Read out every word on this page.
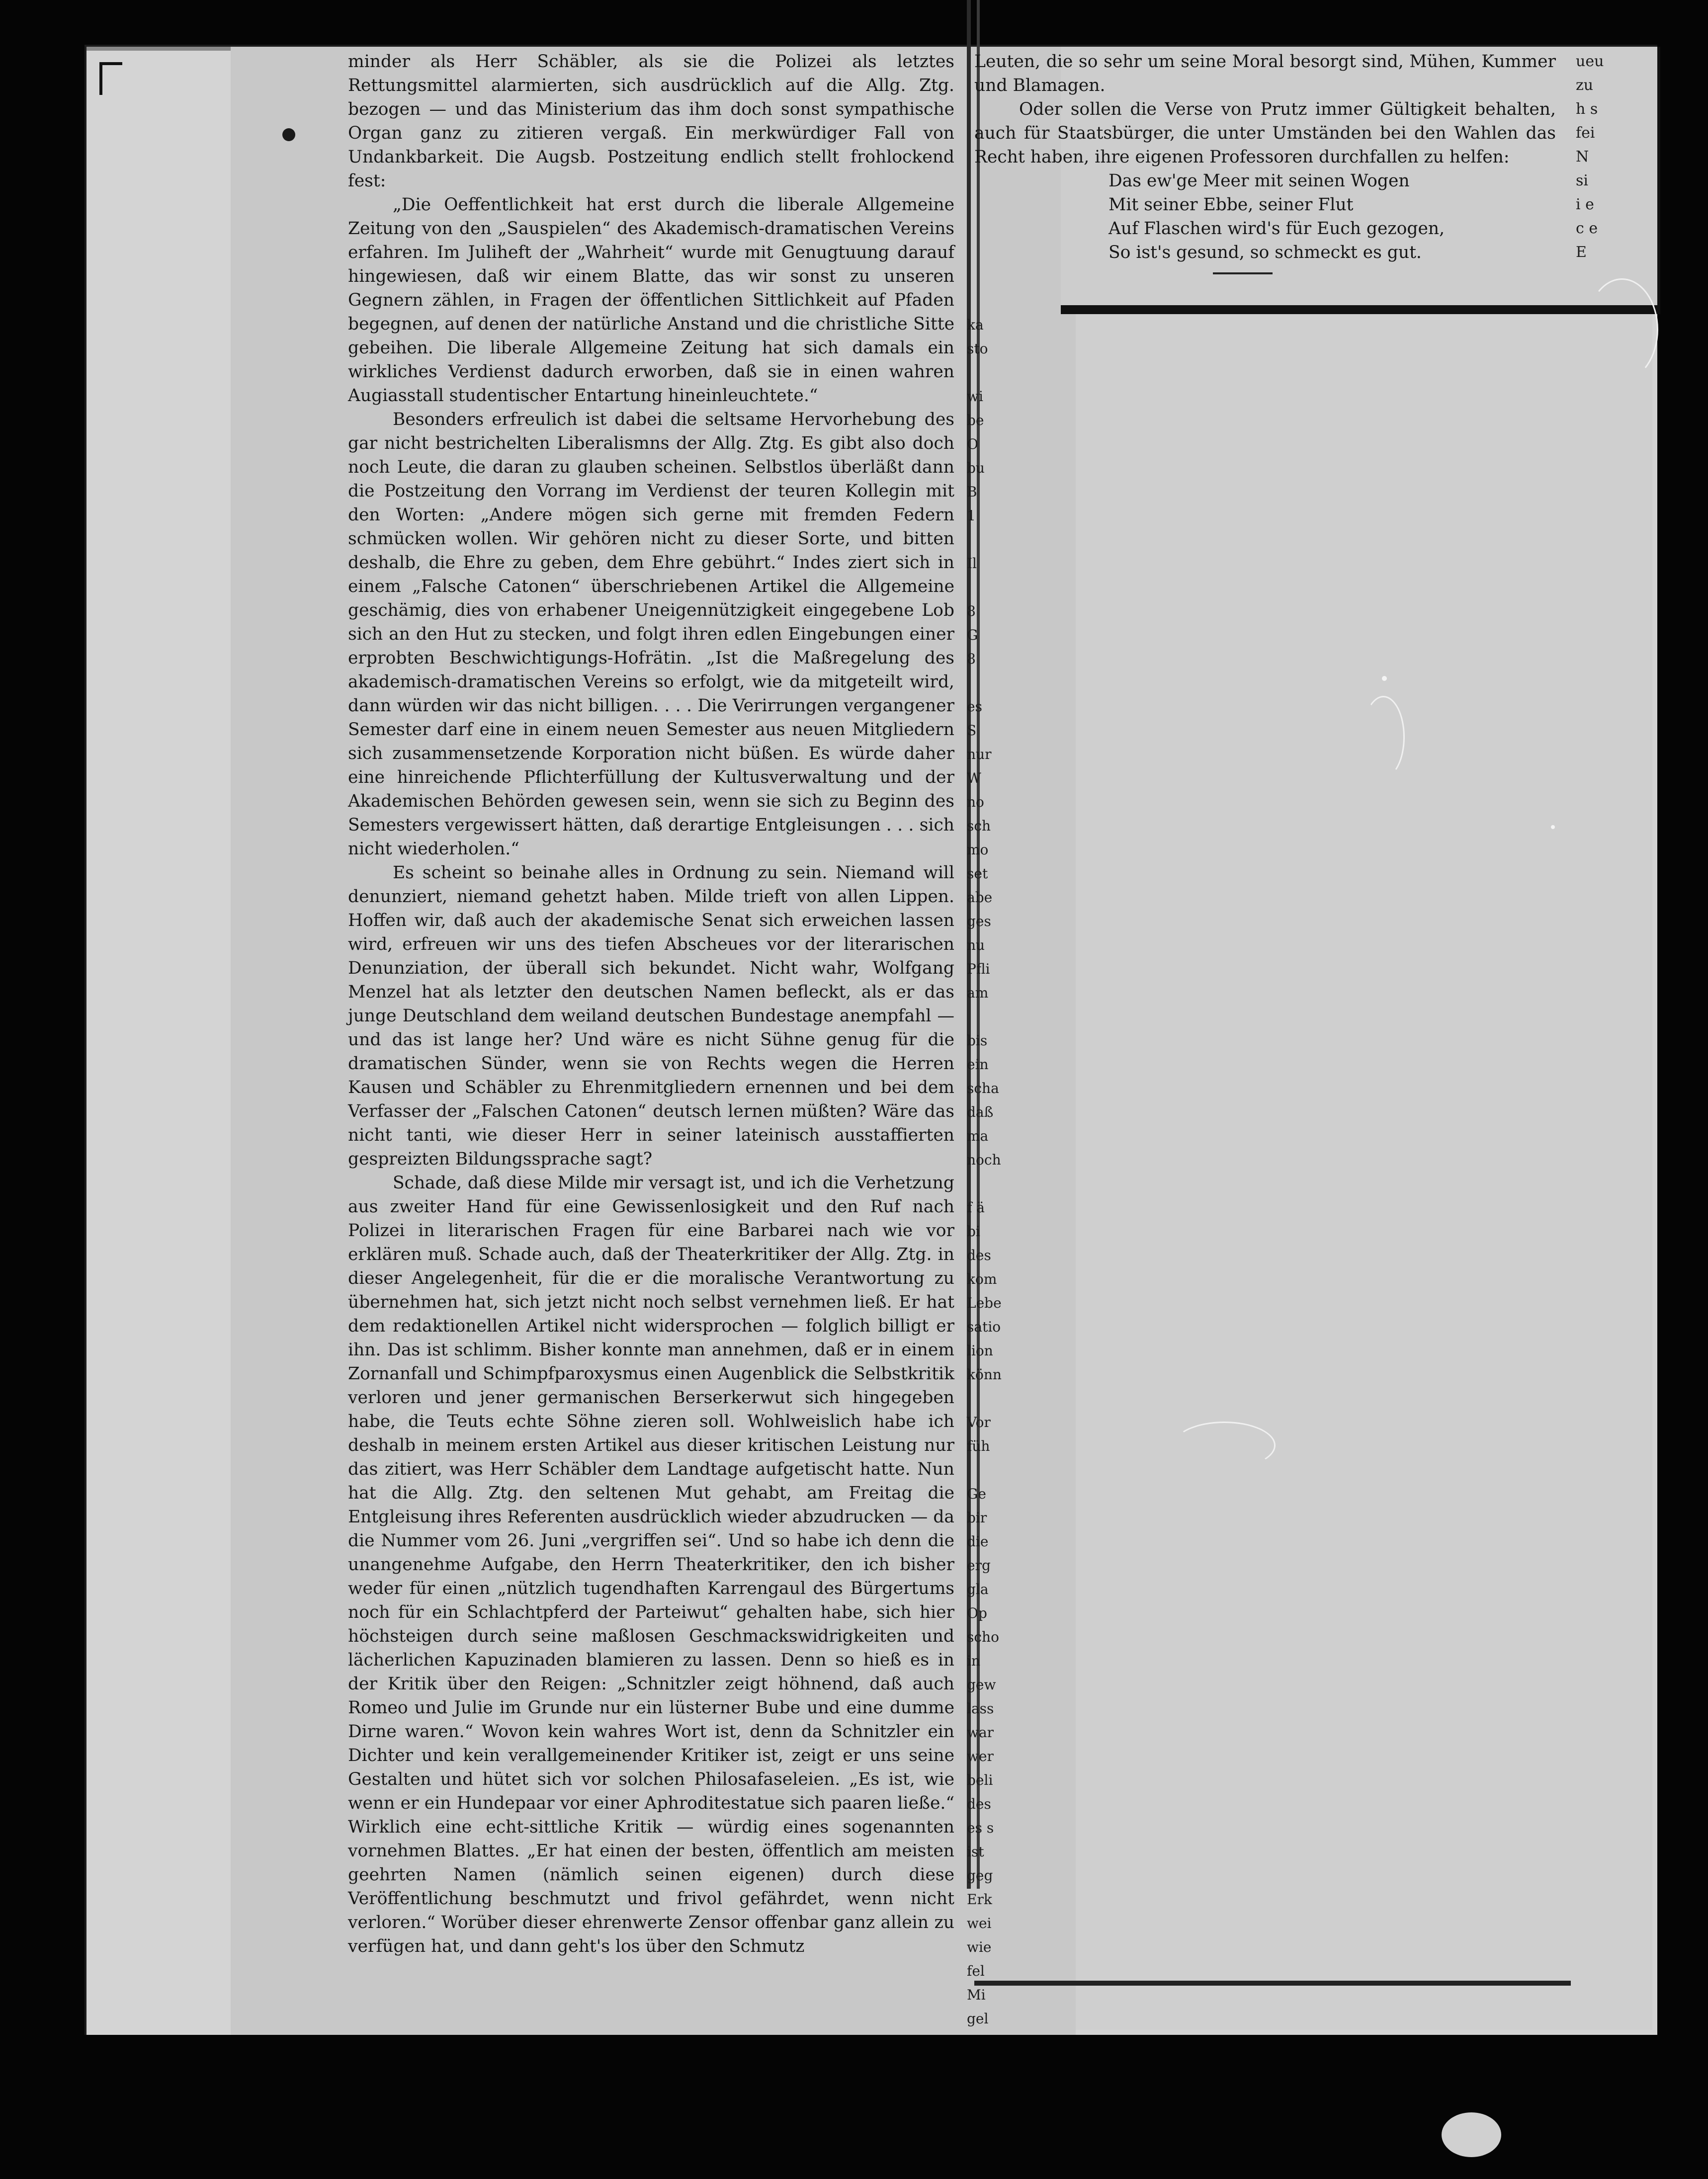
minder als Herr Schäbler, als sie die Polizei als letztes Rettungsmittel alarmierten, sich ausdrücklich auf die Allg. Ztg. bezogen — und das Ministerium das ihm doch sonst sympathische Organ ganz zu zitieren vergaß. Ein merkwürdiger Fall von Undankbarkeit. Die Augsb. Postzeitung endlich stellt frohlockend fest:

„Die Oeffentlichkeit hat erst durch die liberale Allgemeine Zeitung von den „Sauspielen“ des Akademisch-dramatischen Vereins erfahren. Im Juliheft der „Wahrheit“ wurde mit Genugtuung darauf hingewiesen, daß wir einem Blatte, das wir sonst zu unseren Gegnern zählen, in Fragen der öffentlichen Sittlichkeit auf Pfaden begegnen, auf denen der natürliche Anstand und die christliche Sitte gebeihen. Die liberale Allgemeine Zeitung hat sich damals ein wirkliches Verdienst dadurch erworben, daß sie in einen wahren Augiasstall studentischer Entartung hineinleuchtete.“

Besonders erfreulich ist dabei die seltsame Hervorhebung des gar nicht bestrichelten Liberalismns der Allg. Ztg. Es gibt also doch noch Leute, die daran zu glauben scheinen. Selbstlos überläßt dann die Postzeitung den Vorrang im Verdienst der teuren Kollegin mit den Worten: „Andere mögen sich gerne mit fremden Federn schmücken wollen. Wir gehören nicht zu dieser Sorte, und bitten deshalb, die Ehre zu geben, dem Ehre gebührt.“ Indes ziert sich in einem „Falsche Catonen“ überschriebenen Artikel die Allgemeine geschämig, dies von erhabener Uneigennützigkeit eingegebene Lob sich an den Hut zu stecken, und folgt ihren edlen Eingebungen einer erprobten Beschwichtigungs-Hofrätin. „Ist die Maßregelung des akademisch-dramatischen Vereins so erfolgt, wie da mitgeteilt wird, dann würden wir das nicht billigen. . . . Die Verirrungen vergangener Semester darf eine in einem neuen Semester aus neuen Mitgliedern sich zusammensetzende Korporation nicht büßen. Es würde daher eine hinreichende Pflichterfüllung der Kultusverwaltung und der Akademischen Behörden gewesen sein, wenn sie sich zu Beginn des Semesters vergewissert hätten, daß derartige Entgleisungen . . . sich nicht wiederholen.“

Es scheint so beinahe alles in Ordnung zu sein. Niemand will denunziert, niemand gehetzt haben. Milde trieft von allen Lippen. Hoffen wir, daß auch der akademische Senat sich erweichen lassen wird, erfreuen wir uns des tiefen Abscheues vor der literarischen Denunziation, der überall sich bekundet. Nicht wahr, Wolfgang Menzel hat als letzter den deutschen Namen befleckt, als er das junge Deutschland dem weiland deutschen Bundestage anempfahl — und das ist lange her? Und wäre es nicht Sühne genug für die dramatischen Sünder, wenn sie von Rechts wegen die Herren Kausen und Schäbler zu Ehrenmitgliedern ernennen und bei dem Verfasser der „Falschen Catonen“ deutsch lernen müßten? Wäre das nicht tanti, wie dieser Herr in seiner lateinisch ausstaffierten gespreizten Bildungssprache sagt?

Schade, daß diese Milde mir versagt ist, und ich die Verhetzung aus zweiter Hand für eine Gewissenlosigkeit und den Ruf nach Polizei in literarischen Fragen für eine Barbarei nach wie vor erklären muß. Schade auch, daß der Theaterkritiker der Allg. Ztg. in dieser Angelegenheit, für die er die moralische Verantwortung zu übernehmen hat, sich jetzt nicht noch selbst vernehmen ließ. Er hat dem redaktionellen Artikel nicht widersprochen — folglich billigt er ihn. Das ist schlimm. Bisher konnte man annehmen, daß er in einem Zornanfall und Schimpfparoxysmus einen Augenblick die Selbstkritik verloren und jener germanischen Berserkerwut sich hingegeben habe, die Teuts echte Söhne zieren soll. Wohlweislich habe ich deshalb in meinem ersten Artikel aus dieser kritischen Leistung nur das zitiert, was Herr Schäbler dem Landtage aufgetischt hatte. Nun hat die Allg. Ztg. den seltenen Mut gehabt, am Freitag die Entgleisung ihres Referenten ausdrücklich wieder abzudrucken — da die Nummer vom 26. Juni „vergriffen sei“. Und so habe ich denn die unangenehme Aufgabe, den Herrn Theaterkritiker, den ich bisher weder für einen „nützlich tugendhaften Karrengaul des Bürgertums noch für ein Schlachtpferd der Parteiwut“ gehalten habe, sich hier höchsteigen durch seine maßlosen Geschmackswidrigkeiten und lächerlichen Kapuzinaden blamieren zu lassen. Denn so hieß es in der Kritik über den Reigen: „Schnitzler zeigt höhnend, daß auch Romeo und Julie im Grunde nur ein lüsterner Bube und eine dumme Dirne waren.“ Wovon kein wahres Wort ist, denn da Schnitzler ein Dichter und kein verallgemeinender Kritiker ist, zeigt er uns seine Gestalten und hütet sich vor solchen Philosafaseleien. „Es ist, wie wenn er ein Hundepaar vor einer Aphroditestatue sich paaren ließe.“ Wirklich eine echt-sittliche Kritik — würdig eines sogenannten vornehmen Blattes. „Er hat einen der besten, öffentlich am meisten geehrten Namen (nämlich seinen eigenen) durch diese Veröffentlichung beschmutzt und frivol gefährdet, wenn nicht verloren.“ Worüber dieser ehrenwerte Zensor offenbar ganz allein zu verfügen hat, und dann geht's los über den Schmutz

Leuten, die so sehr um seine Moral besorgt sind, Mühen, Kummer und Blamagen.

Oder sollen die Verse von Prutz immer Gültigkeit behalten, auch für Staatsbürger, die unter Umständen bei den Wahlen das Recht haben, ihre eigenen Professoren durchfallen zu helfen:

Das ew'ge Meer mit seinen Wogen
Mit seiner Ebbe, seiner Flut
Auf Flaschen wird's für Euch gezogen,
So ist's gesund, so schmeckt es gut.
ueu
zu
h s
fei
N
si
i e
c e
E
ka
sto
wi
be
O
bu
B
1
Il
8
G
8
es
S
nur
W
no
sch
mo
set
abe
ges
nu
Pfli
am
bis
ein
scha
daß
ma
noch
f ä
bi
des
kom
Lebe
satio
lion
könn
Vor
füh
Ge
bir
die
erg
gla
Op
scho
in
gew
lass
war
wer
beli
des
es s
ist
geg
Erk
wei
wie
fel
Mi
gel
